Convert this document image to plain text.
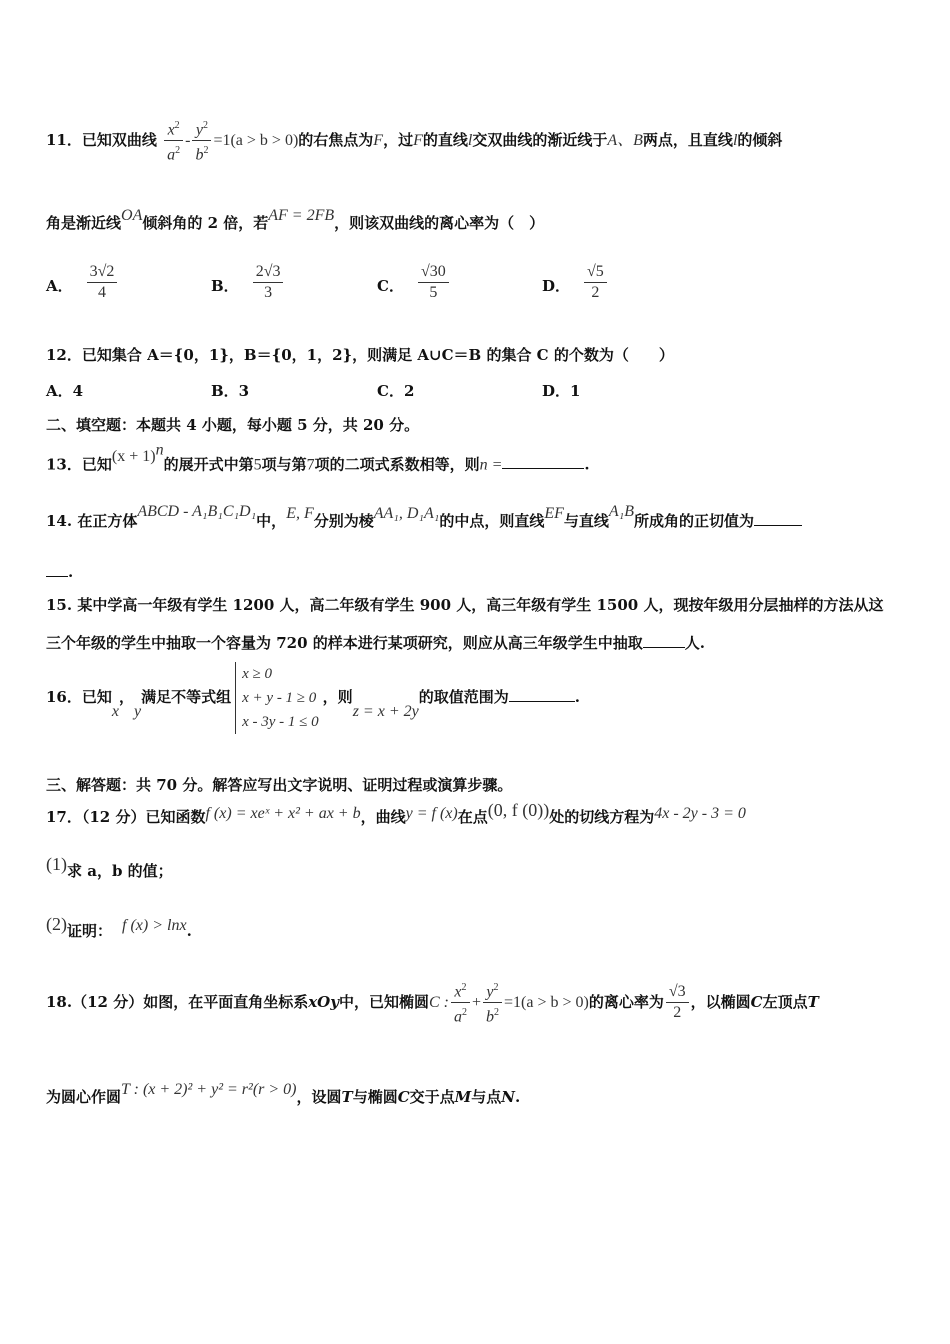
11．已知双曲线 $\frac{x^2}{a^2} - \frac{y^2}{b^2} =1(a > b > 0)$的右焦点为F，过F的直线l交双曲线的渐近线于A、B两点，且直线l的倾斜
角是渐近线OA倾斜角的 2 倍，若AF = 2FB，则该双曲线的离心率为（　）
A． $\frac{3√2}{4}$	B． $\frac{2√3}{3}$	C． $\frac{√30}{5}$	D． $\frac{√5}{2}$
12．已知集合 A＝{0，1}，B＝{0，1，2}，则满足 A∪C＝B 的集合 C 的个数为（　　）
A．4	B．3	C．2	D．1
二、填空题：本题共 4 小题，每小题 5 分，共 20 分。
13．已知$(x + 1)^n$的展开式中第5项与第7项的二项式系数相等，则n =	.
14. 在正方体ABCD - A₁B₁C₁D₁中，E, F分别为棱AA₁, D₁A₁的中点，则直线EF与直线A₁B所成角的正切值为
.
15. 某中学高一年级有学生 1200 人，高二年级有学生 900 人，高三年级有学生 1500 人，现按年级用分层抽样的方法从这
三个年级的学生中抽取一个容量为 720 的样本进行某项研究，则应从高三年级学生中抽取	人.
16．已知x，y满足不等式组
x ≥ 0
x + y - 1 ≥ 0
x - 3y - 1 ≤ 0
，则z = x + 2y的取值范围为	.
三、解答题：共 70 分。解答应写出文字说明、证明过程或演算步骤。
17．（12 分）已知函数f (x) = xeˣ + x² + ax + b，曲线y = f (x)在点(0, f (0))处的切线方程为4x - 2y - 3 = 0
(1)求 a，b 的值；
(2)证明： f (x) > lnx.
18.（12 分）如图，在平面直角坐标系xOy中，已知椭圆C : $\frac{x^2}{a^2} + \frac{y^2}{b^2} =1(a > b > 0)$的离心率为 $\frac{√3}{2}$ ，以椭圆C左顶点T
为圆心作圆T : (x + 2)² + y² = r²(r > 0)，设圆T与椭圆C交于点M与点N.
